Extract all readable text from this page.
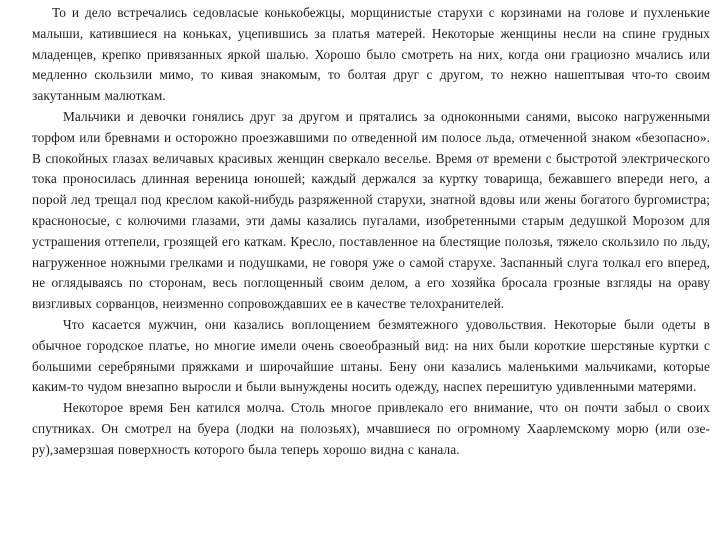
То и дело встречались седовласые конькобежцы, морщинистые старухи с корзинами на голове и пухленькие малыши, катившиеся на коньках, уцепившись за платья матерей. Некоторые женщины несли на спине грудных младенцев, крепко привязанных яркой шалью. Хорошо было смотреть на них, когда они грациозно мчались или медленно скользили мимо, то кивая знакомым, то болтая друг с другом, то нежно нашептывая что-то своим закутанным малюткам.

Мальчики и девочки гонялись друг за другом и прятались за одноконными санями, высоко нагруженными торфом или бревнами и осторожно проезжавшими по отведенной им полосе льда, отмеченной знаком «безопасно». В спокойных глазах величавых красивых женщин сверкало веселье. Время от времени с быстротой электрического тока проносилась длинная вереница юношей; каждый держался за куртку товарища, бежавшего впереди него, а порой лед трещал под креслом какой-нибудь разряженной старухи, знатной вдовы или жены богатого бургомистра; красноносые, с колючими глазами, эти дамы казались пугалами, изобретенными старым дедушкой Морозом для устрашения оттепели, грозящей его каткам. Кресло, поставленное на блестящие полозья, тяжело скользило по льду, нагруженное ножными грелками и подушками, не говоря уже о самой старухе. Заспанный слуга толкал его вперед, не оглядываясь по сторонам, весь поглощенный своим делом, а его хозяйка бросала грозные взгляды на ораву визгливых сорванцов, неизменно сопровождавших ее в качестве телохранителей.

Что касается мужчин, они казались воплощением безмятежного удовольствия. Некоторые были одеты в обычное городское платье, но многие имели очень своеобразный вид: на них были короткие шерстяные куртки с большими серебряными пряжками и широчайшие штаны. Бену они казались маленькими мальчиками, которые каким-то чудом внезапно выросли и были вынуждены носить одежду, наспех перешитую удивленными матерями.

Некоторое время Бен катился молча. Столь многое привлекало его внимание, что он почти забыл о своих спутниках. Он смотрел на буера (лодки на полозьях), мчавшиеся по огромному Хаарлемскому морю (или озе-ру),замерзшая поверхность которого была теперь хорошо видна с канала.
